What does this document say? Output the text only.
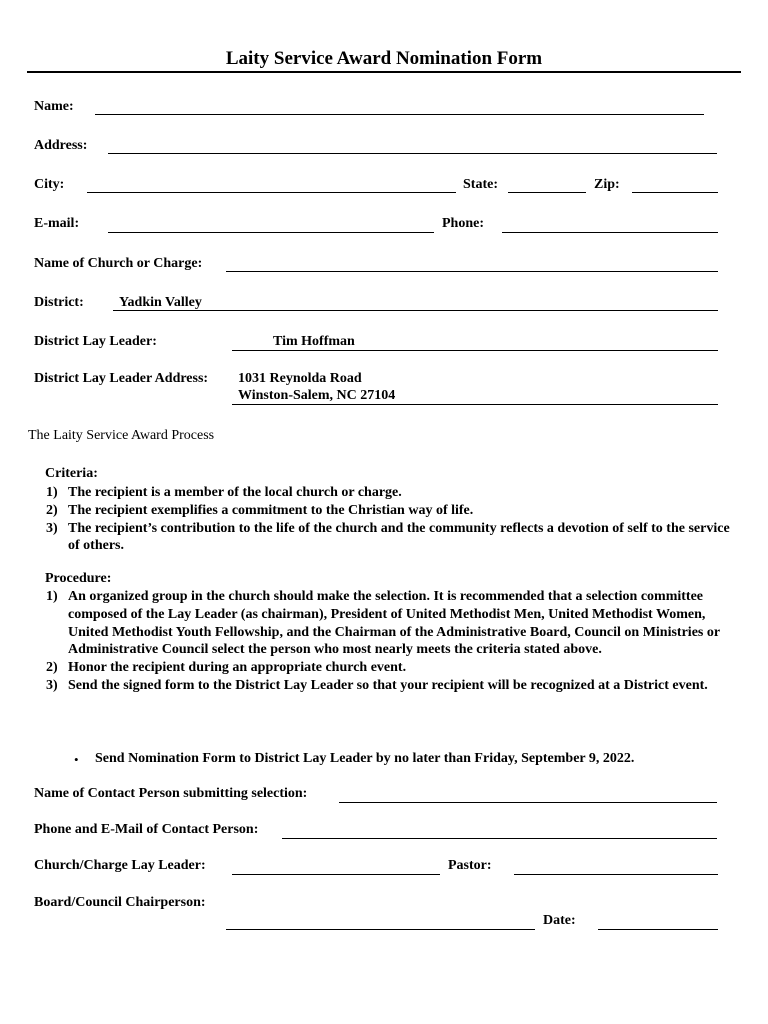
Laity Service Award Nomination Form
Name:
Address:
City:	State:	Zip:
E-mail:	Phone:
Name of Church or Charge:
District:	Yadkin Valley
District Lay Leader:	Tim Hoffman
District Lay Leader Address: 1031 Reynolda Road
Winston-Salem, NC 27104
The Laity Service Award Process
Criteria:
1) The recipient is a member of the local church or charge.
2) The recipient exemplifies a commitment to the Christian way of life.
3) The recipient’s contribution to the life of the church and the community reflects a devotion of self to the service of others.
Procedure:
1) An organized group in the church should make the selection. It is recommended that a selection committee composed of the Lay Leader (as chairman), President of United Methodist Men, United Methodist Women, United Methodist Youth Fellowship, and the Chairman of the Administrative Board, Council on Ministries or Administrative Council select the person who most nearly meets the criteria stated above.
2) Honor the recipient during an appropriate church event.
3) Send the signed form to the District Lay Leader so that your recipient will be recognized at a District event.
• Send Nomination Form to District Lay Leader by no later than Friday, September 9, 2022.
Name of Contact Person submitting selection:
Phone and E-Mail of Contact Person:
Church/Charge Lay Leader:	Pastor:
Board/Council Chairperson:
Date:
